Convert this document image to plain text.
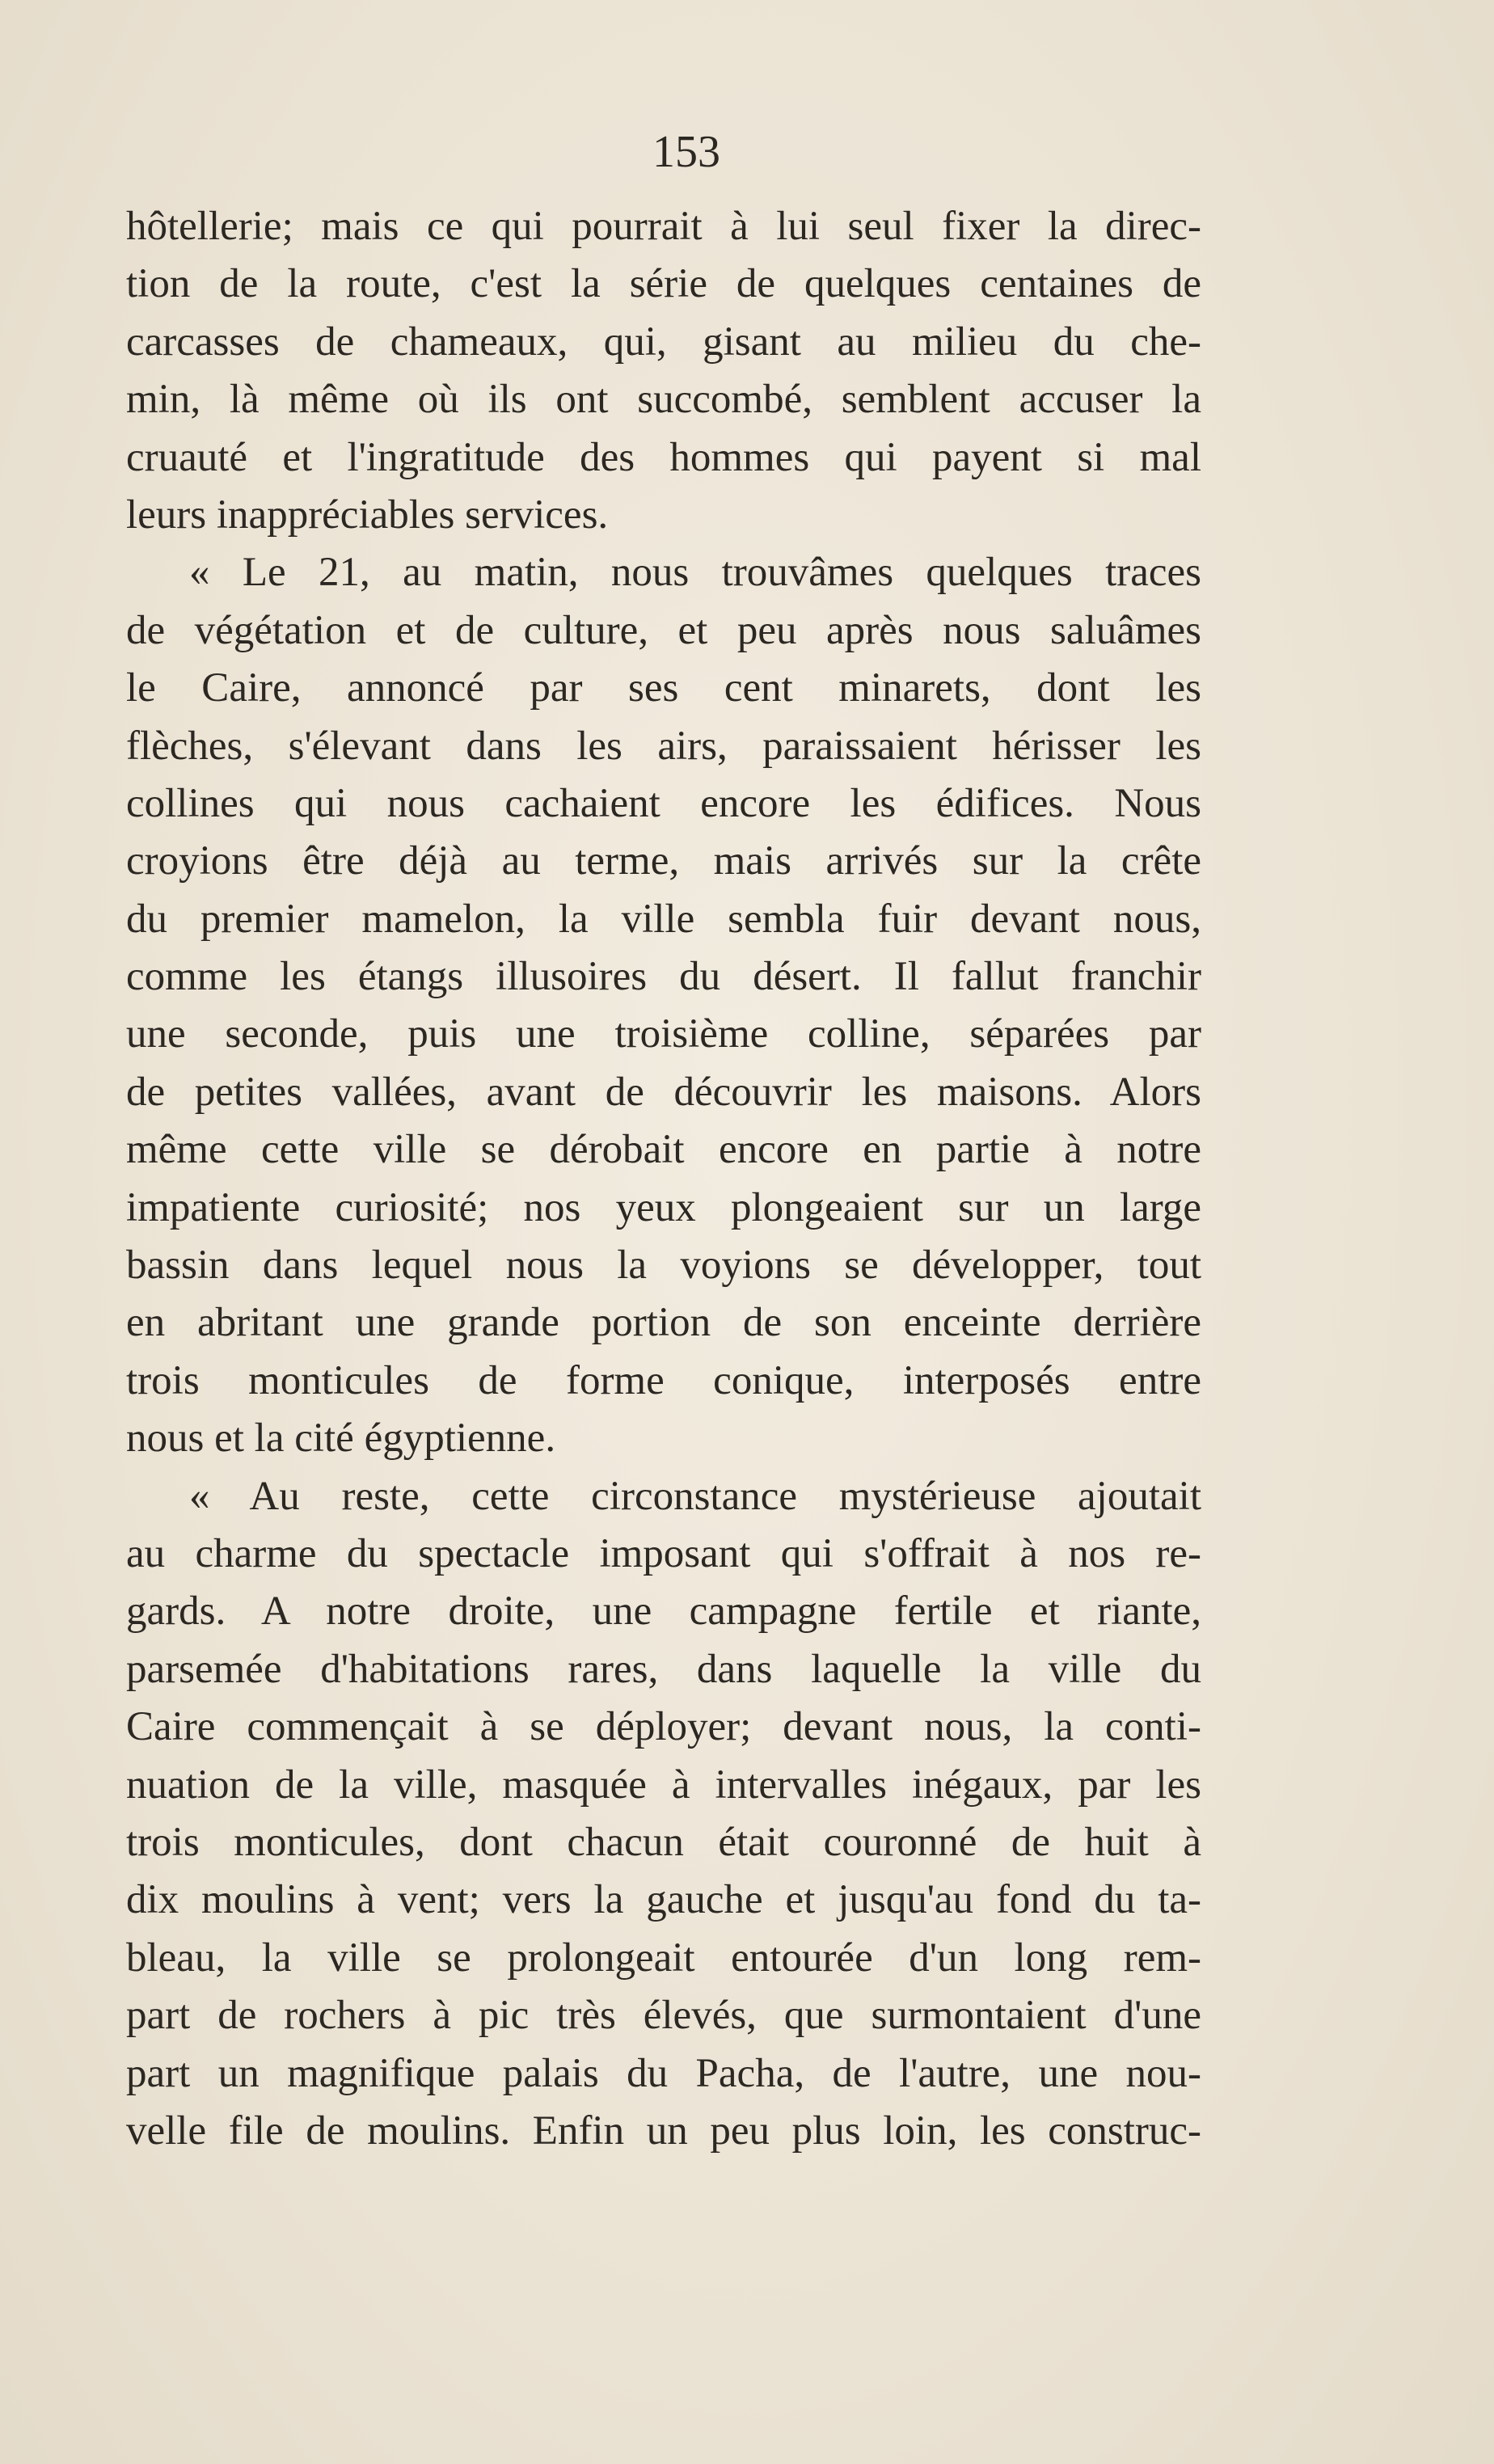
153
hôtellerie; mais ce qui pourrait à lui seul fixer la direc-
tion de la route, c'est la série de quelques centaines de
carcasses de chameaux, qui, gisant au milieu du che-
min, là même où ils ont succombé, semblent accuser la
cruauté et l'ingratitude des hommes qui payent si mal
leurs inappréciables services.
« Le 21, au matin, nous trouvâmes quelques traces
de végétation et de culture, et peu après nous saluâmes
le Caire, annoncé par ses cent minarets, dont les
flèches, s'élevant dans les airs, paraissaient hérisser les
collines qui nous cachaient encore les édifices. Nous
croyions être déjà au terme, mais arrivés sur la crête
du premier mamelon, la ville sembla fuir devant nous,
comme les étangs illusoires du désert. Il fallut franchir
une seconde, puis une troisième colline, séparées par
de petites vallées, avant de découvrir les maisons. Alors
même cette ville se dérobait encore en partie à notre
impatiente curiosité; nos yeux plongeaient sur un large
bassin dans lequel nous la voyions se développer, tout
en abritant une grande portion de son enceinte derrière
trois monticules de forme conique, interposés entre
nous et la cité égyptienne.
« Au reste, cette circonstance mystérieuse ajoutait
au charme du spectacle imposant qui s'offrait à nos re-
gards. A notre droite, une campagne fertile et riante,
parsemée d'habitations rares, dans laquelle la ville du
Caire commençait à se déployer; devant nous, la conti-
nuation de la ville, masquée à intervalles inégaux, par les
trois monticules, dont chacun était couronné de huit à
dix moulins à vent; vers la gauche et jusqu'au fond du ta-
bleau, la ville se prolongeait entourée d'un long rem-
part de rochers à pic très élevés, que surmontaient d'une
part un magnifique palais du Pacha, de l'autre, une nou-
velle file de moulins. Enfin un peu plus loin, les construc-
